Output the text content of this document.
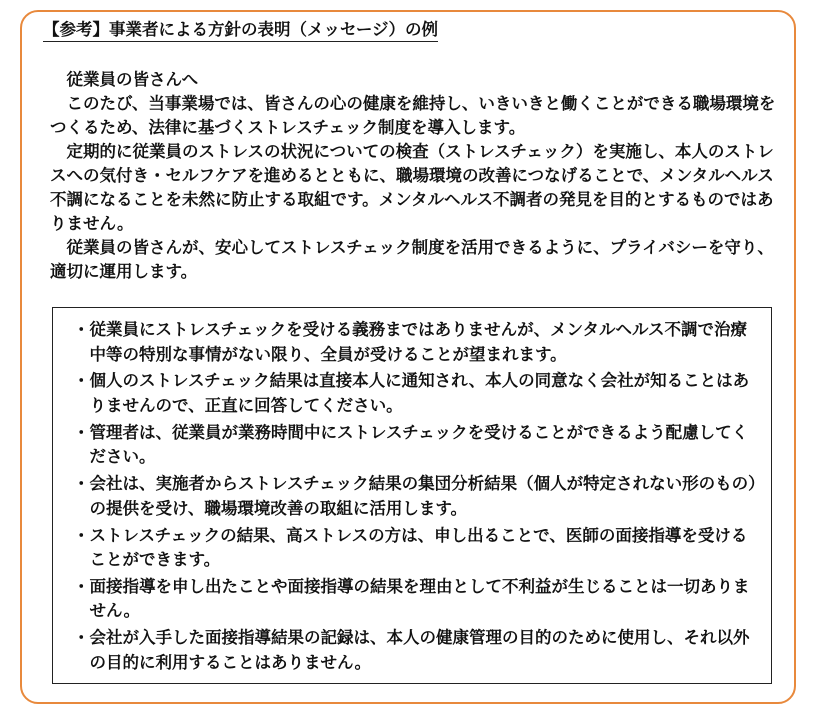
【参考】事業者による方針の表明（メッセージ）の例

従業員の皆さんへ

このたび、当事業場では、皆さんの心の健康を維持し、いきいきと働くことができる職場環境をつくるため、法律に基づくストレスチェック制度を導入します。

定期的に従業員のストレスの状況についての検査（ストレスチェック）を実施し、本人のストレスへの気付き・セルフケアを進めるとともに、職場環境の改善につなげることで、メンタルヘルス不調になることを未然に防止する取組です。メンタルヘルス不調者の発見を目的とするものではありません。

従業員の皆さんが、安心してストレスチェック制度を活用できるように、プライバシーを守り、適切に運用します。

・従業員にストレスチェックを受ける義務まではありませんが、メンタルヘルス不調で治療中等の特別な事情がない限り、全員が受けることが望まれます。
・個人のストレスチェック結果は直接本人に通知され、本人の同意なく会社が知ることはありませんので、正直に回答してください。
・管理者は、従業員が業務時間中にストレスチェックを受けることができるよう配慮してください。
・会社は、実施者からストレスチェック結果の集団分析結果（個人が特定されない形のもの）の提供を受け、職場環境改善の取組に活用します。
・ストレスチェックの結果、高ストレスの方は、申し出ることで、医師の面接指導を受けることができます。
・面接指導を申し出たことや面接指導の結果を理由として不利益が生じることは一切ありません。
・会社が入手した面接指導結果の記録は、本人の健康管理の目的のために使用し、それ以外の目的に利用することはありません。
